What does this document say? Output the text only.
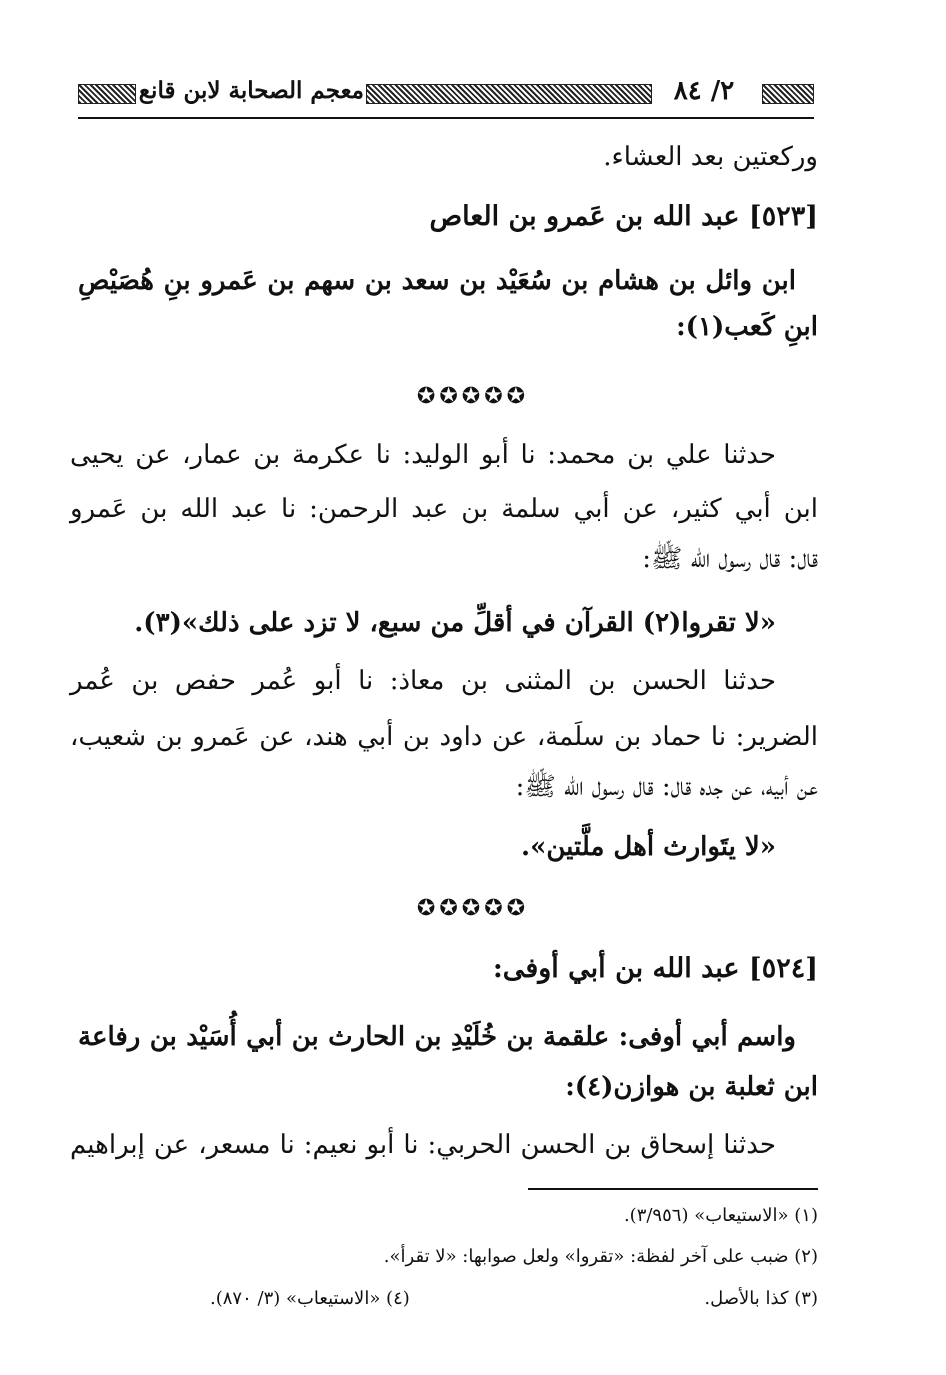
٢/ ٨٤
معجم الصحابة لابن قانع
وركعتين بعد العشاء.
[٥٢٣] عبد الله بن عَمرو بن العاص
ابن وائل بن هشام بن سُعَيْد بن سعد بن سهم بن عَمرو بنِ هُصَيْصِ
ابنِ كَعب(١):
✪✪✪✪✪
حدثنا علي بن محمد: نا أبو الوليد: نا عكرمة بن عمار، عن يحيى
ابن أبي كثير، عن أبي سلمة بن عبد الرحمن: نا عبد الله بن عَمرو
قال: قال رسول الله ﷺ:
«لا تقروا(٢) القرآن في أقلِّ من سبع، لا تزد على ذلك»(٣).
حدثنا الحسن بن المثنى بن معاذ: نا أبو عُمر حفص بن عُمر
الضرير: نا حماد بن سلَمة، عن داود بن أبي هند، عن عَمرو بن شعيب،
عن أبيه، عن جده قال: قال رسول الله ﷺ:
«لا يتَوارث أهل ملَّتين».
✪✪✪✪✪
[٥٢٤] عبد الله بن أبي أوفى:
واسم أبي أوفى: علقمة بن خُلَيْدِ بن الحارث بن أبي أُسَيْد بن رفاعة
ابن ثعلبة بن هوازن(٤):
حدثنا إسحاق بن الحسن الحربي: نا أبو نعيم: نا مسعر، عن إبراهيم
(١) «الاستيعاب» (٣/٩٥٦).
(٢) ضبب على آخر لفظة: «تقروا» ولعل صوابها: «لا تقرأ».
(٣) كذا بالأصل.
(٤) «الاستيعاب» (٣/ ٨٧٠).
